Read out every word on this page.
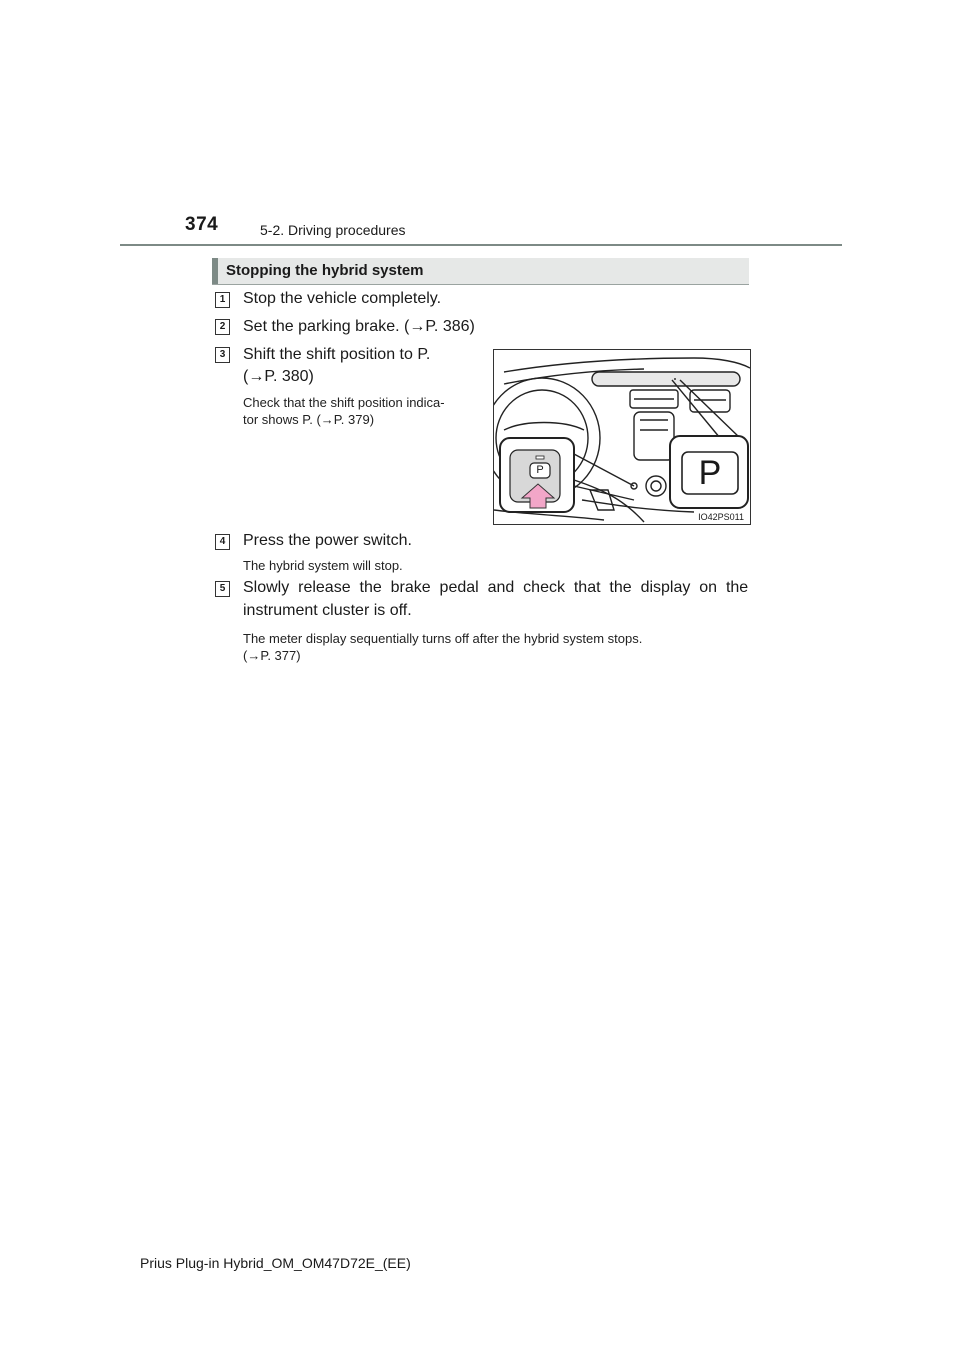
374	5-2. Driving procedures
Stopping the hybrid system
1 Stop the vehicle completely.
2 Set the parking brake. (→P. 386)
3 Shift the shift position to P.
(→P. 380)
Check that the shift position indica-
tor shows P. (→P. 379)
P	P
IO42PS011
4 Press the power switch.
The hybrid system will stop.
5 Slowly  release  the  brake  pedal  and  check  that  the  display  on  the
instrument cluster is off.
The meter display sequentially turns off after the hybrid system stops.
(→P. 377)
Prius Plug-in Hybrid_OM_OM47D72E_(EE)
